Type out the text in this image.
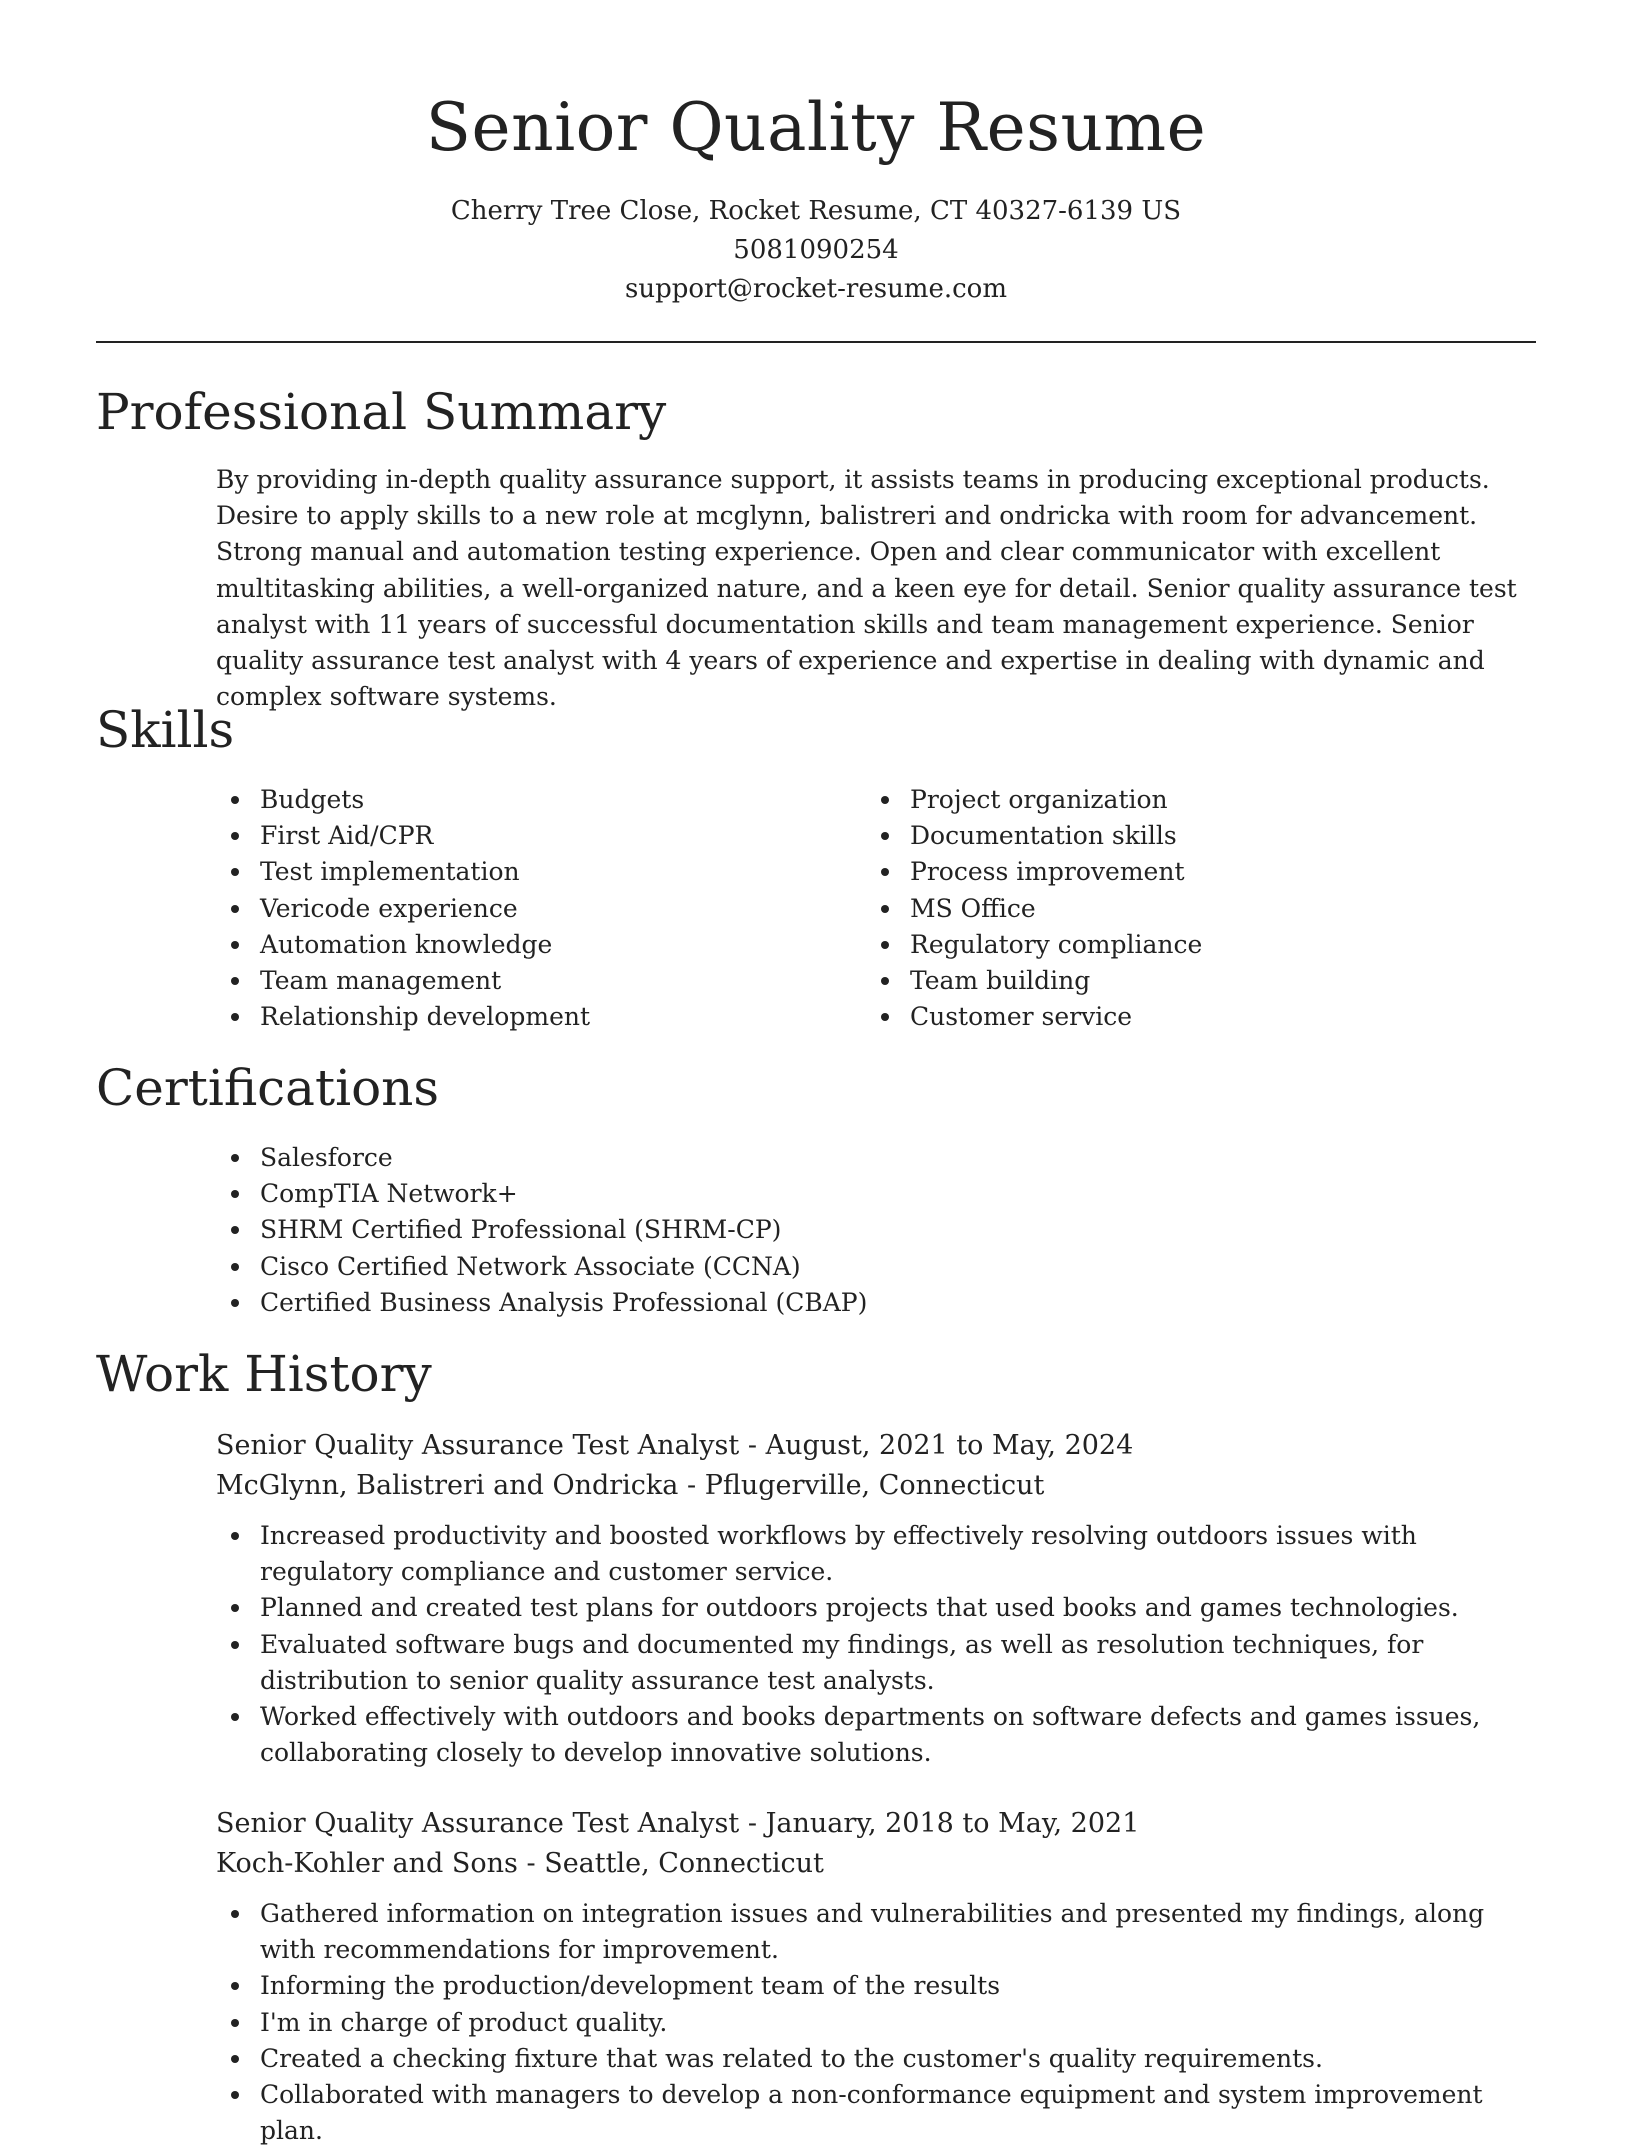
Senior Quality Resume
Cherry Tree Close, Rocket Resume, CT 40327-6139 US
5081090254
support@rocket-resume.com
Professional Summary

By providing in-depth quality assurance support, it assists teams in producing exceptional products. Desire to apply skills to a new role at mcglynn, balistreri and ondricka with room for advancement. Strong manual and automation testing experience. Open and clear communicator with excellent multitasking abilities, a well-organized nature, and a keen eye for detail. Senior quality assurance test analyst with 11 years of successful documentation skills and team management experience. Senior quality assurance test analyst with 4 years of experience and expertise in dealing with dynamic and complex software systems.

Skills
Budgets
First Aid/CPR
Test implementation
Vericode experience
Automation knowledge
Team management
Relationship development
Project organization
Documentation skills
Process improvement
MS Office
Regulatory compliance
Team building
Customer service
Certifications
Salesforce
CompTIA Network+
SHRM Certified Professional (SHRM-CP)
Cisco Certified Network Associate (CCNA)
Certified Business Analysis Professional (CBAP)
Work History
Senior Quality Assurance Test Analyst - August, 2021 to May, 2024
McGlynn, Balistreri and Ondricka - Pflugerville, Connecticut
Increased productivity and boosted workflows by effectively resolving outdoors issues with regulatory compliance and customer service.
Planned and created test plans for outdoors projects that used books and games technologies.
Evaluated software bugs and documented my findings, as well as resolution techniques, for distribution to senior quality assurance test analysts.
Worked effectively with outdoors and books departments on software defects and games issues, collaborating closely to develop innovative solutions.
Senior Quality Assurance Test Analyst - January, 2018 to May, 2021
Koch-Kohler and Sons - Seattle, Connecticut
Gathered information on integration issues and vulnerabilities and presented my findings, along with recommendations for improvement.
Informing the production/development team of the results
I'm in charge of product quality.
Created a checking fixture that was related to the customer's quality requirements.
Collaborated with managers to develop a non-conformance equipment and system improvement plan.
